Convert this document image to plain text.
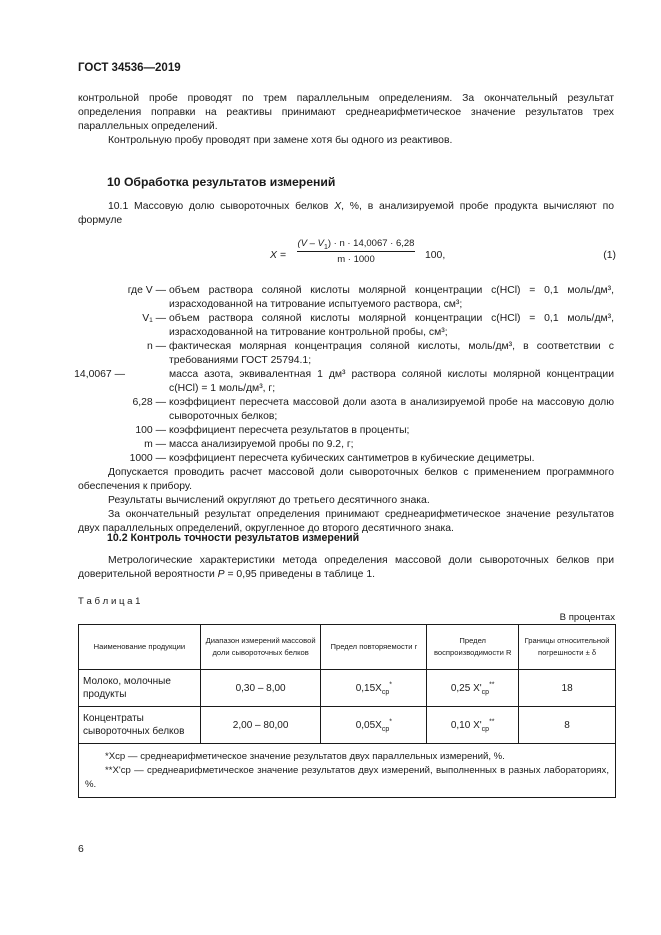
ГОСТ 34536—2019
контрольной пробе проводят по трем параллельным определениям. За окончательный результат определения поправки на реактивы принимают среднеарифметическое значение результатов трех параллельных определений.
Контрольную пробу проводят при замене хотя бы одного из реактивов.
10 Обработка результатов измерений
10.1 Массовую долю сывороточных белков X, %, в анализируемой пробе продукта вычисляют по формуле
$X = \frac{(V - V_1) \cdot n \cdot 14,0067 \cdot 6,28}{m \cdot 1000} 100$,	(1)
где V — объем раствора соляной кислоты молярной концентрации c(HCl) = 0,1 моль/дм³, израсходованной на титрование испытуемого раствора, см³;
V₁ — объем раствора соляной кислоты молярной концентрации c(HCl) = 0,1 моль/дм³, израсходованной на титрование контрольной пробы, см³;
n — фактическая молярная концентрация соляной кислоты, моль/дм³, в соответствии с требованиями ГОСТ 25794.1;
14,0067 —	масса азота, эквивалентная 1 дм³ раствора соляной кислоты молярной концентрации c(HCl) = 1 моль/дм³, г;
6,28 — коэффициент пересчета массовой доли азота в анализируемой пробе на массовую долю сывороточных белков;
100 — коэффициент пересчета результатов в проценты;
m — масса анализируемой пробы по 9.2, г;
1000 — коэффициент пересчета кубических сантиметров в кубические дециметры.
Допускается проводить расчет массовой доли сывороточных белков с применением программного обеспечения к прибору.
Результаты вычислений округляют до третьего десятичного знака.
За окончательный результат определения принимают среднеарифметическое значение результатов двух параллельных определений, округленное до второго десятичного знака.
10.2 Контроль точности результатов измерений
Метрологические характеристики метода определения массовой доли сывороточных белков при доверительной вероятности P = 0,95 приведены в таблице 1.
Т а б л и ц а 1
В процентах
Наименование продукции	Диапазон измерений массовой доли сывороточных белков	Предел повторяемости r	Предел воспроизводимости R	Границы относительной погрешности ± δ
Молоко, молочные продукты	0,30 – 8,00	$0,15X_{ср}^*$	0,25 $X'_{ср}^{**}$	18
Концентраты сывороточных белков	2,00 – 80,00	$0,05X_{ср}^*$	0,10 $X'_{ср}^{**}$	8

*Xср — среднеарифметическое значение результатов двух параллельных измерений, %.
**X'ср — среднеарифметическое значение результатов двух измерений, выполненных в разных лабораториях, %.				
6
